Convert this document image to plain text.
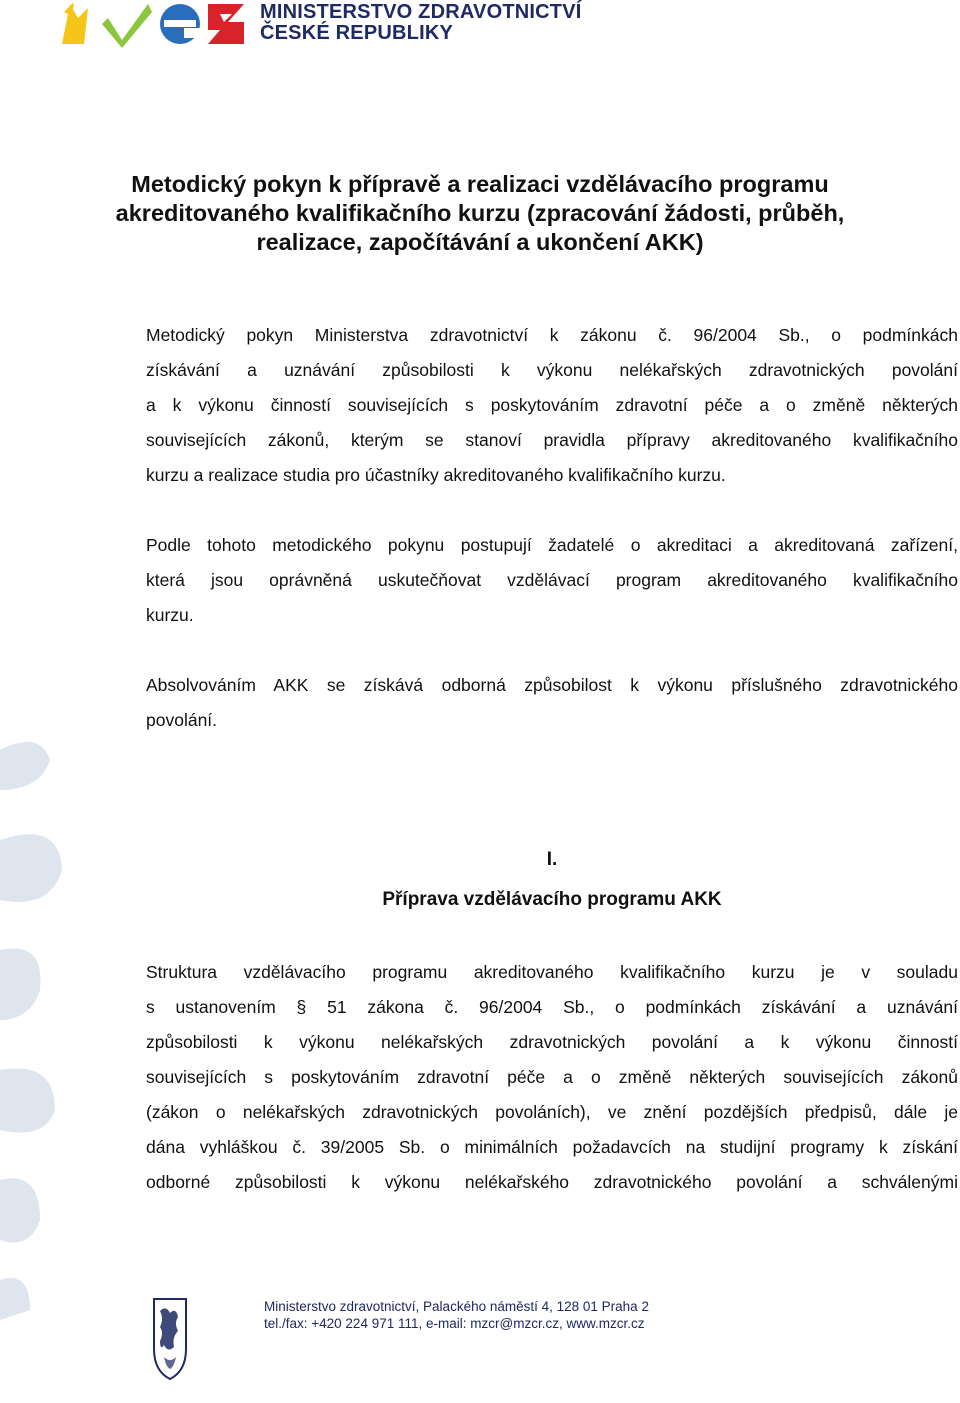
MINISTERSTVO ZDRAVOTNICTVÍ
ČESKÉ REPUBLIKY
Metodický pokyn k přípravě a realizaci vzdělávacího programu
akreditovaného kvalifikačního kurzu (zpracování žádosti, průběh,
realizace, započítávání a ukončení AKK)

Metodický pokyn Ministerstva zdravotnictví k zákonu č. 96/2004 Sb., o podmínkách
získávání a uznávání způsobilosti k výkonu nelékařských zdravotnických povolání
a k výkonu činností souvisejících s poskytováním zdravotní péče a o změně některých
souvisejících zákonů, kterým se stanoví pravidla přípravy akreditovaného kvalifikačního
kurzu a realizace studia pro účastníky akreditovaného kvalifikačního kurzu.

Podle tohoto metodického pokynu postupují žadatelé o akreditaci a akreditovaná zařízení,
která jsou oprávněná uskutečňovat vzdělávací program akreditovaného kvalifikačního
kurzu.

Absolvováním AKK se získává odborná způsobilost k výkonu příslušného zdravotnického
povolání.

I.

Příprava vzdělávacího programu AKK

Struktura vzdělávacího programu akreditovaného kvalifikačního kurzu je v souladu
s ustanovením § 51 zákona č. 96/2004 Sb., o podmínkách získávání a uznávání
způsobilosti k výkonu nelékařských zdravotnických povolání a k výkonu činností
souvisejících s poskytováním zdravotní péče a o změně některých souvisejících zákonů
(zákon o nelékařských zdravotnických povoláních), ve znění pozdějších předpisů, dále je
dána vyhláškou č. 39/2005 Sb. o minimálních požadavcích na studijní programy k získání
odborné způsobilosti k výkonu nelékařského zdravotnického povolání a schválenými

Ministerstvo zdravotnictví, Palackého náměstí 4, 128 01 Praha 2
tel./fax: +420 224 971 111, e-mail: mzcr@mzcr.cz, www.mzcr.cz
